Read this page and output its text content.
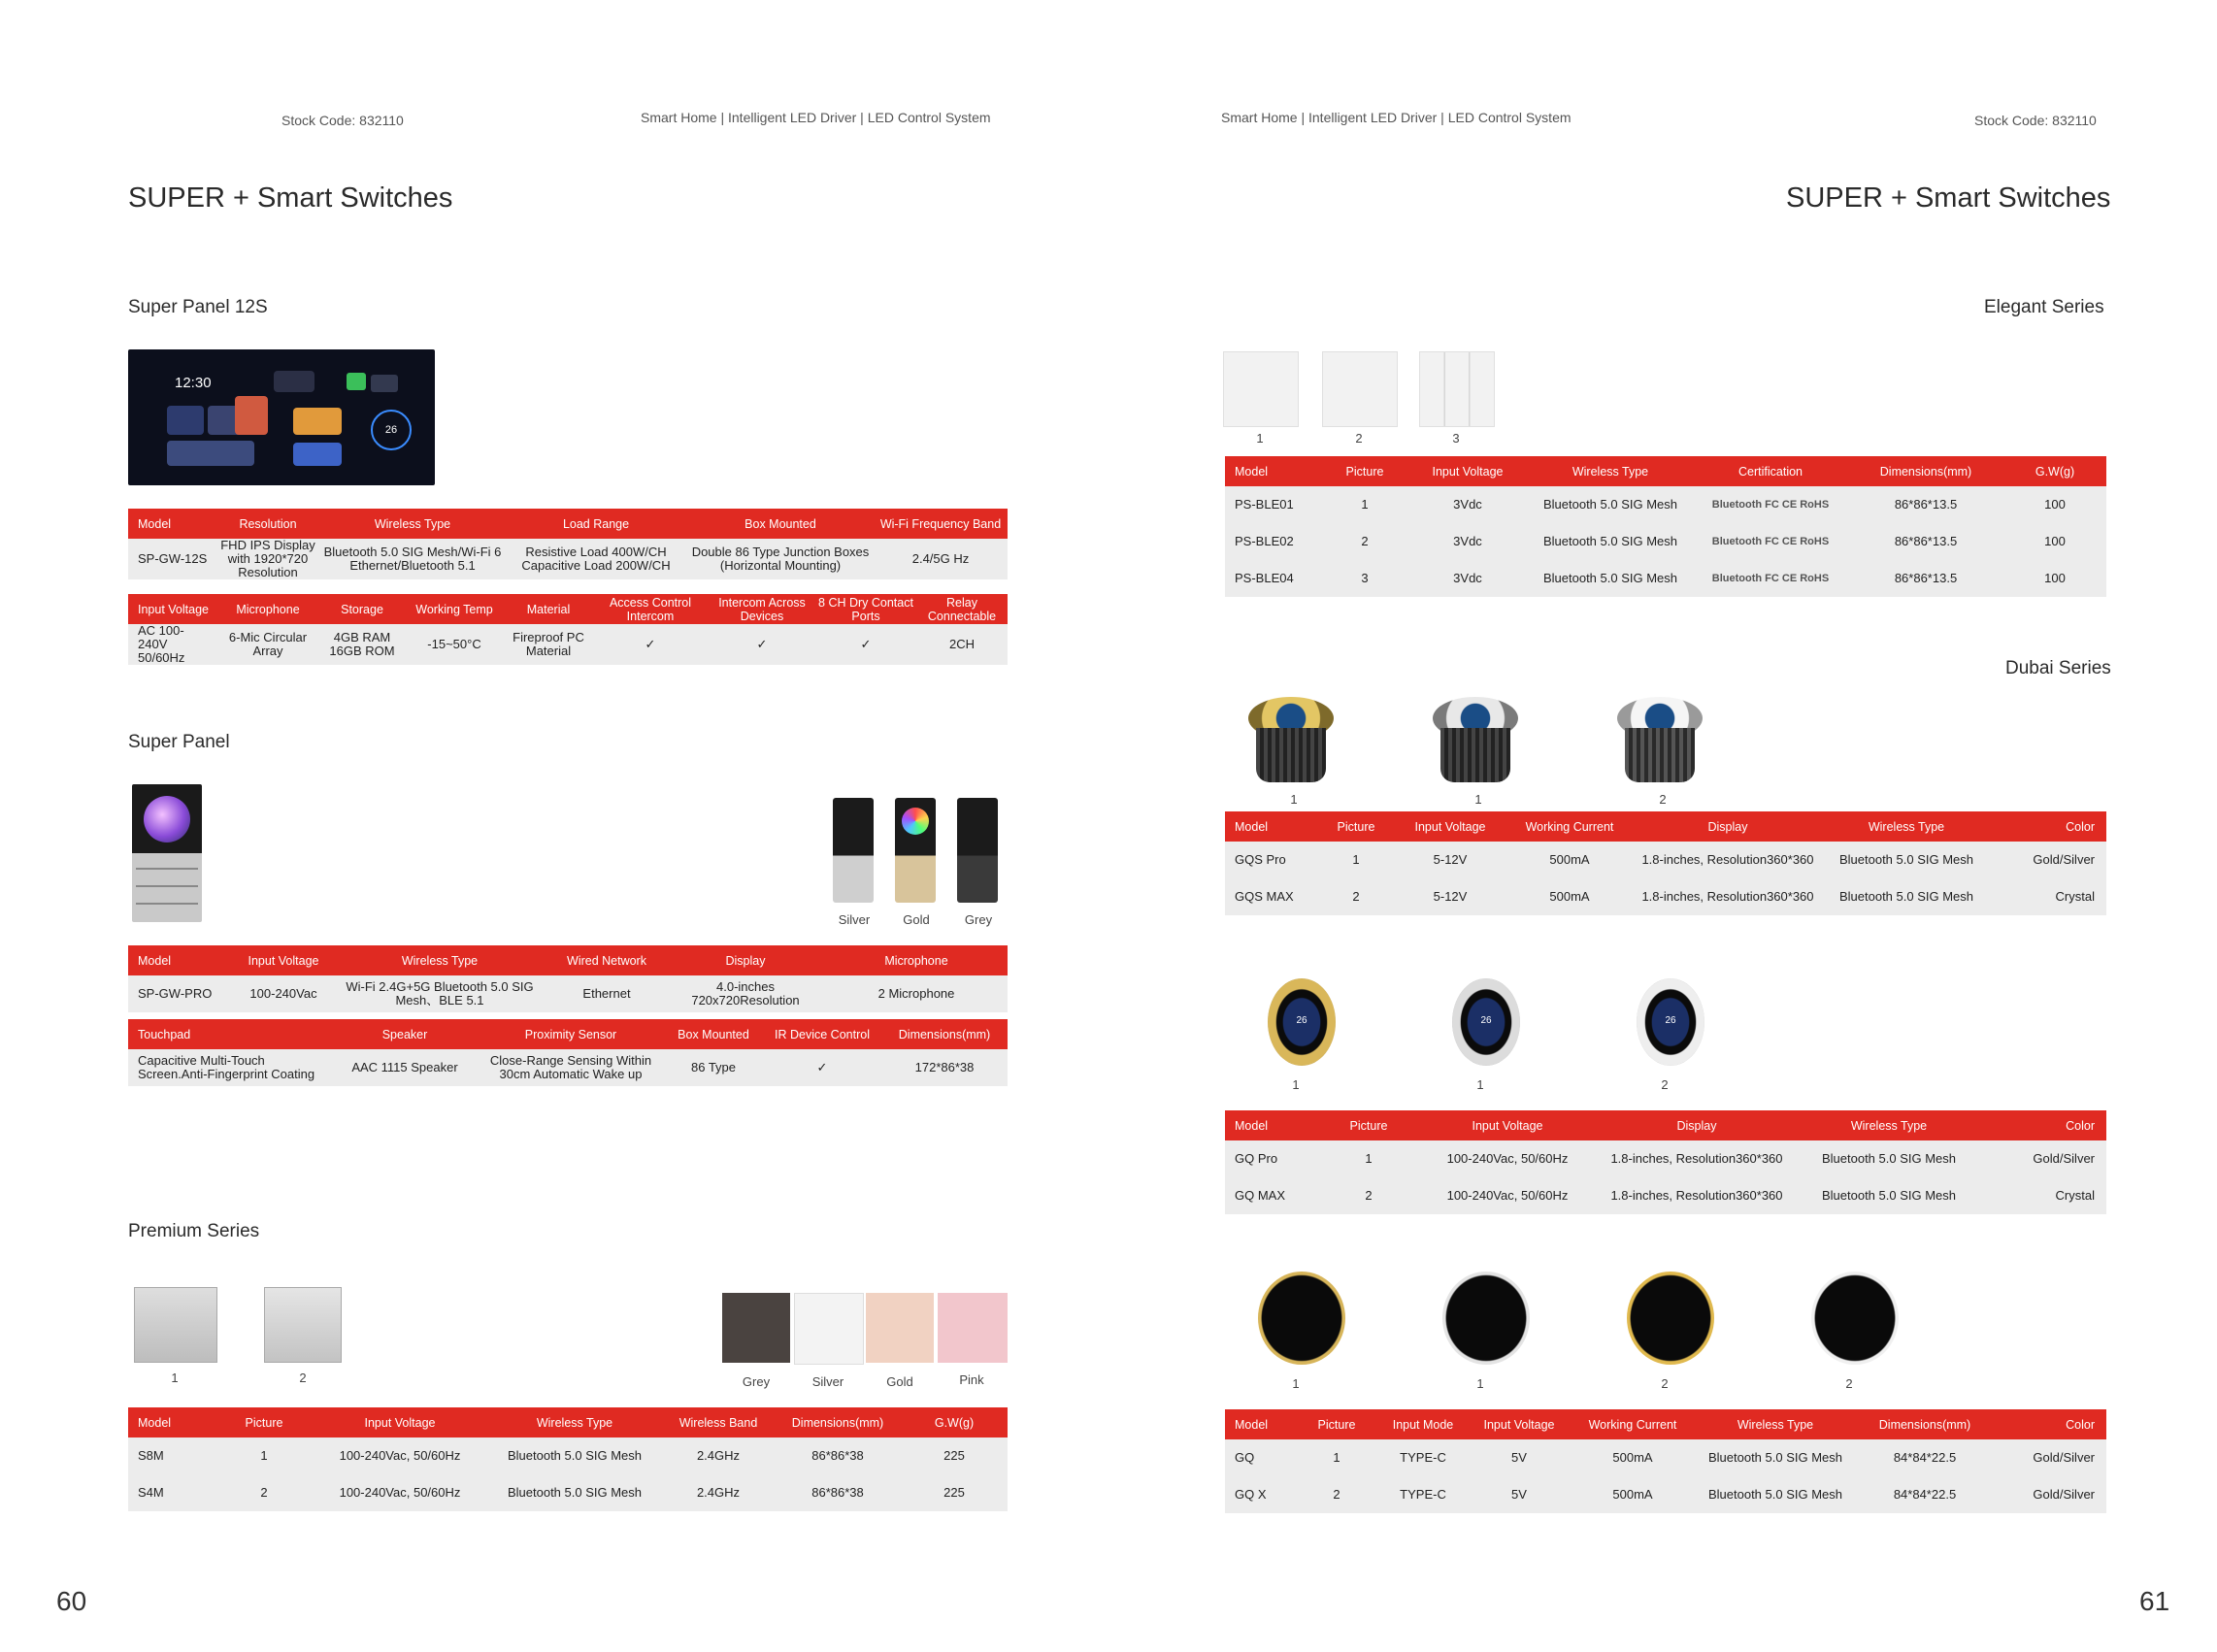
Stock Code: 832110	Smart Home | Intelligent LED Driver | LED Control System
SUPER + Smart Switches
Super Panel 12S
12:30
26
Model	Resolution	Wireless Type	Load Range	Box Mounted	Wi-Fi Frequency Band
SP-GW-12S	FHD IPS Display with 1920*720 Resolution	Bluetooth 5.0 SIG Mesh/Wi-Fi 6 Ethernet/Bluetooth 5.1	Resistive Load 400W/CH Capacitive Load 200W/CH	Double 86 Type Junction Boxes (Horizontal Mounting)	2.4/5G Hz
Input Voltage	Microphone	Storage	Working Temp	Material	Access Control Intercom	Intercom Across Devices	8 CH Dry Contact Ports	Relay Connectable
AC 100-240V 50/60Hz	6-Mic Circular Array	4GB RAM 16GB ROM	-15~50°C	Fireproof PC Material	✓	✓	✓	2CH
Super Panel
Silver	Gold	Grey
Model	Input Voltage	Wireless Type	Wired Network	Display	Microphone
SP-GW-PRO	100-240Vac	Wi-Fi 2.4G+5G Bluetooth 5.0 SIG Mesh、BLE 5.1	Ethernet	4.0-inches 720x720Resolution	2 Microphone
Touchpad	Speaker	Proximity Sensor	Box Mounted	IR Device Control	Dimensions(mm)
Capacitive Multi-Touch Screen.Anti-Fingerprint Coating	AAC 1115 Speaker	Close-Range Sensing Within 30cm Automatic Wake up	86 Type	✓	172*86*38
Premium Series
1	2	Grey	Silver	Gold	Pink
Model	Picture	Input Voltage	Wireless Type	Wireless Band	Dimensions(mm)	G.W(g)
S8M	1	100-240Vac, 50/60Hz	Bluetooth 5.0 SIG Mesh	2.4GHz	86*86*38	225
S4M	2	100-240Vac, 50/60Hz	Bluetooth 5.0 SIG Mesh	2.4GHz	86*86*38	225
60
Smart Home | Intelligent LED Driver | LED Control System	Stock Code: 832110
SUPER + Smart Switches
Elegant Series
1	2	3
Model	Picture	Input Voltage	Wireless Type	Certification	Dimensions(mm)	G.W(g)
PS-BLE01	1	3Vdc	Bluetooth 5.0 SIG Mesh	Bluetooth FC CE RoHS	86*86*13.5	100
PS-BLE02	2	3Vdc	Bluetooth 5.0 SIG Mesh	Bluetooth FC CE RoHS	86*86*13.5	100
PS-BLE04	3	3Vdc	Bluetooth 5.0 SIG Mesh	Bluetooth FC CE RoHS	86*86*13.5	100
Dubai Series
1	1	2
Model	Picture	Input Voltage	Working Current	Display	Wireless Type	Color
GQS Pro	1	5-12V	500mA	1.8-inches, Resolution360*360	Bluetooth 5.0 SIG Mesh	Gold/Silver
GQS MAX	2	5-12V	500mA	1.8-inches, Resolution360*360	Bluetooth 5.0 SIG Mesh	Crystal
26	26	26
1	1	2
Model	Picture	Input Voltage	Display	Wireless Type	Color
GQ Pro	1	100-240Vac, 50/60Hz	1.8-inches, Resolution360*360	Bluetooth 5.0 SIG Mesh	Gold/Silver
GQ MAX	2	100-240Vac, 50/60Hz	1.8-inches, Resolution360*360	Bluetooth 5.0 SIG Mesh	Crystal
1	1	2	2
Model	Picture	Input Mode	Input Voltage	Working Current	Wireless Type	Dimensions(mm)	Color
GQ	1	TYPE-C	5V	500mA	Bluetooth 5.0 SIG Mesh	84*84*22.5	Gold/Silver
GQ X	2	TYPE-C	5V	500mA	Bluetooth 5.0 SIG Mesh	84*84*22.5	Gold/Silver
61
